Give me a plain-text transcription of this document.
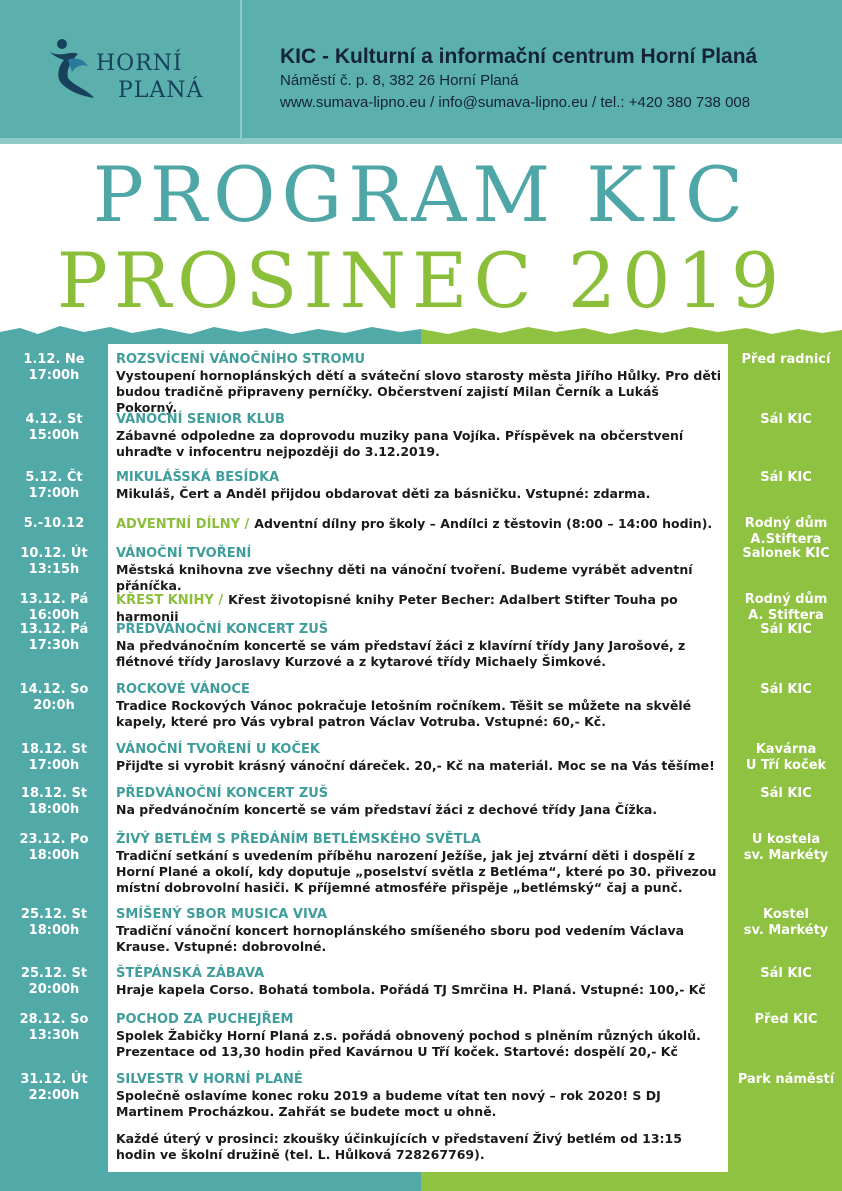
HORNÍ
PLANÁ
KIC - Kulturní a informační centrum Horní Planá
Náměstí č. p. 8, 382 26 Horní Planá
www.sumava-lipno.eu / info@sumava-lipno.eu / tel.: +420 380 738 008
PROGRAM KIC
PROSINEC 2019
1.12. Ne
17:00h
ROZSVÍCENÍ VÁNOČNÍHO STROMU
Vystoupení hornoplánských dětí a sváteční slovo starosty města Jiřího Hůlky. Pro děti budou tradičně připraveny perníčky. Občerstvení zajistí Milan Černík a Lukáš Pokorný.
Před radnicí
4.12. St
15:00h
VÁNOČNÍ SENIOR KLUB
Zábavné odpoledne za doprovodu muziky pana Vojíka. Příspěvek na občerstvení uhraďte v infocentru nejpozději do 3.12.2019.
Sál KIC
5.12. Čt
17:00h
MIKULÁŠSKÁ BESÍDKA
Mikuláš, Čert a Anděl přijdou obdarovat děti za básničku. Vstupné: zdarma.
Sál KIC
5.-10.12	ADVENTNÍ DÍLNY / Adventní dílny pro školy – Andílci z těstovin (8:00 – 14:00 hodin).	Rodný dům
A.Stiftera
10.12. Út
13:15h
VÁNOČNÍ TVOŘENÍ
Městská knihovna zve všechny děti na vánoční tvoření. Budeme vyrábět adventní přáníčka.
Salonek KIC
13.12. Pá
16:00h
KŘEST KNIHY / Křest životopisné knihy Peter Becher: Adalbert Stifter Touha po harmonii
Rodný dům
A. Stiftera
13.12. Pá
17:30h
PŘEDVÁNOČNÍ KONCERT ZUŠ
Na předvánočním koncertě se vám představí žáci z klavírní třídy Jany Jarošové, z flétnové třídy Jaroslavy Kurzové a z kytarové třídy Michaely Šimkové.
Sál KIC
14.12. So
20:0h
ROCKOVÉ VÁNOCE
Tradice Rockových Vánoc pokračuje letošním ročníkem. Těšit se můžete na skvělé kapely, které pro Vás vybral patron Václav Votruba. Vstupné: 60,- Kč.
Sál KIC
18.12. St
17:00h
VÁNOČNÍ TVOŘENÍ U KOČEK
Přijďte si vyrobit krásný vánoční dáreček. 20,- Kč na materiál. Moc se na Vás těšíme!
Kavárna
U Tří koček
18.12. St
18:00h
PŘEDVÁNOČNÍ KONCERT ZUŠ
Na předvánočním koncertě se vám představí žáci z dechové třídy Jana Čížka.
Sál KIC
23.12. Po
18:00h
ŽIVÝ BETLÉM S PŘEDÁNÍM BETLÉMSKÉHO SVĚTLA
Tradiční setkání s uvedením příběhu narození Ježíše, jak jej ztvární děti i dospělí z Horní Plané a okolí, kdy doputuje „poselství světla z Betléma“, které po 30. přivezou místní dobrovolní hasiči. K příjemné atmosféře přispěje „betlémský“ čaj a punč.
U kostela
sv. Markéty
25.12. St
18:00h
SMÍŠENÝ SBOR MUSICA VIVA
Tradiční vánoční koncert hornoplánského smíšeného sboru pod vedením Václava Krause. Vstupné: dobrovolné.
Kostel
sv. Markéty
25.12. St
20:00h
ŠTĚPÁNSKÁ ZÁBAVA
Hraje kapela Corso. Bohatá tombola. Pořádá TJ Smrčina H. Planá. Vstupné: 100,- Kč
Sál KIC
28.12. So
13:30h
POCHOD ZA PUCHEJŘEM
Spolek Žabičky Horní Planá z.s. pořádá obnovený pochod s plněním různých úkolů. Prezentace od 13,30 hodin před Kavárnou U Tří koček. Startové: dospělí 20,- Kč
Před KIC
31.12. Út
22:00h
SILVESTR V HORNÍ PLANÉ
Společně oslavíme konec roku 2019 a budeme vítat ten nový – rok 2020! S DJ Martinem Procházkou. Zahřát se budete moct u ohně.
Park náměstí
Každé úterý v prosinci: zkoušky účinkujících v představení Živý betlém od 13:15 hodin ve školní družině (tel. L. Hůlková 728267769).
